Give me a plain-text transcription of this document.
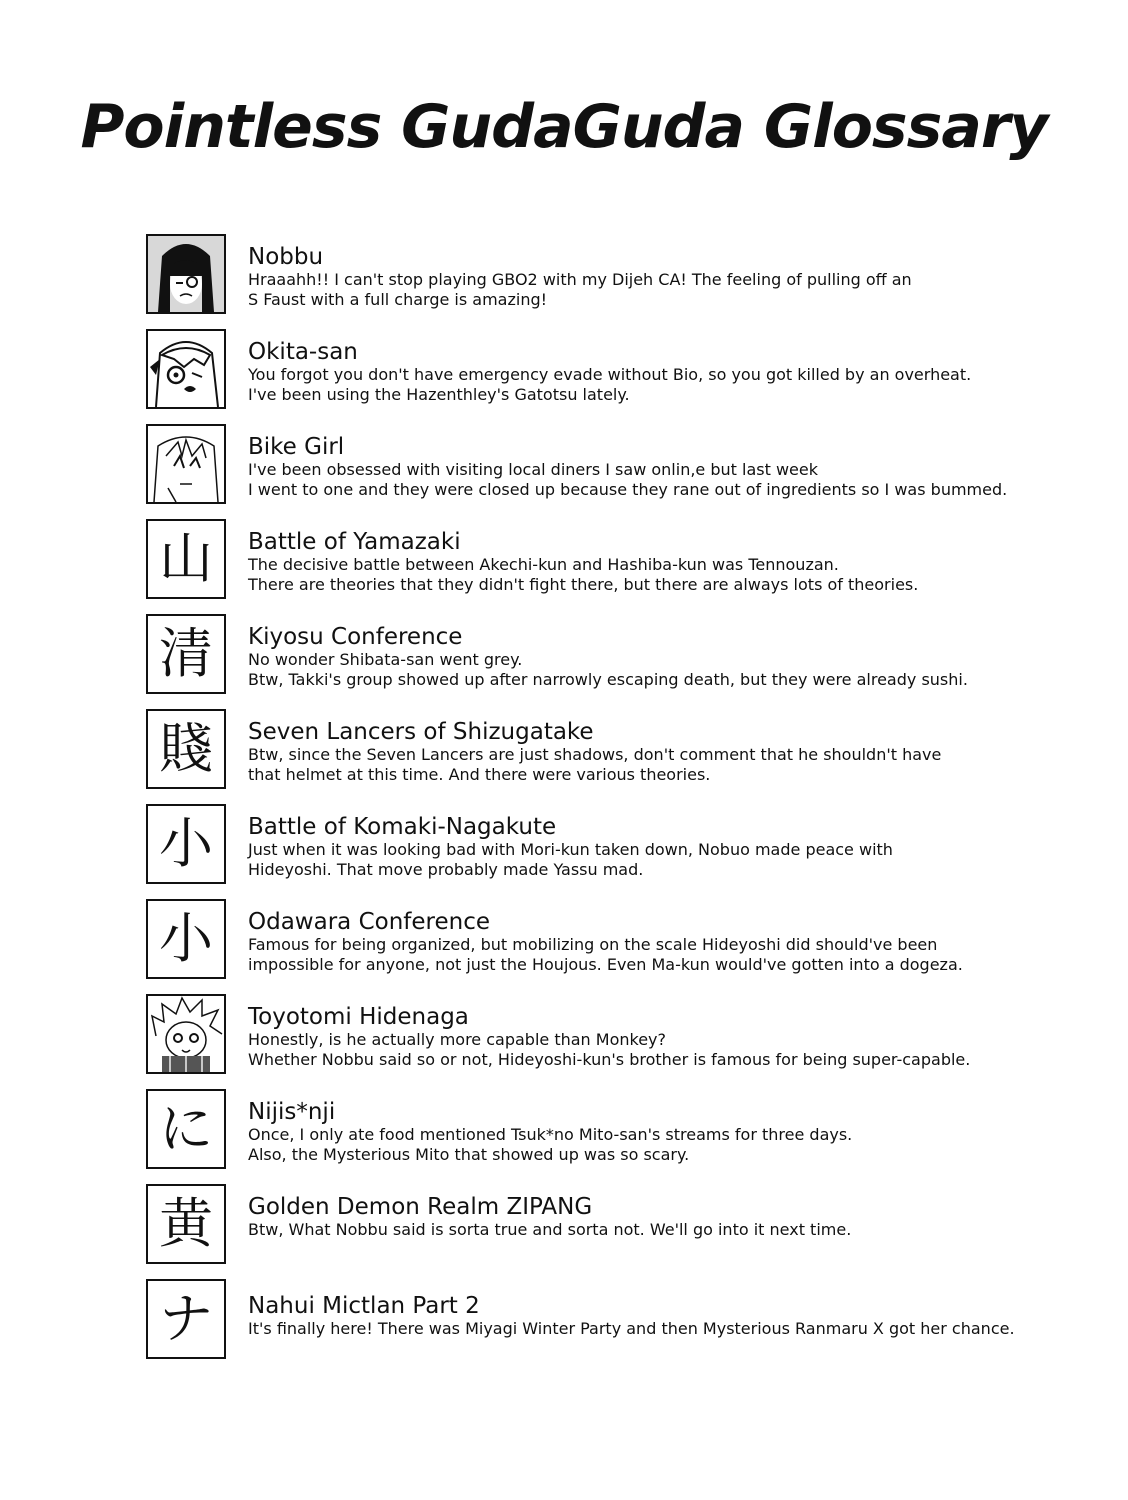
Pointless GudaGuda Glossary
Nobbu
Hraaahh!! I can't stop playing GBO2 with my Dijeh CA! The feeling of pulling off an
S Faust with a full charge is amazing!
Okita-san
You forgot you don't have emergency evade without Bio, so you got killed by an overheat.
I've been using the Hazenthley's Gatotsu lately.
Bike Girl
I've been obsessed with visiting local diners I saw onlin,e but last week
I went to one and they were closed up because they rane out of ingredients so I was bummed.
山 Battle of Yamazaki
The decisive battle between Akechi-kun and Hashiba-kun was Tennouzan.
There are theories that they didn't fight there, but there are always lots of theories.
清 Kiyosu Conference
No wonder Shibata-san went grey.
Btw, Takki's group showed up after narrowly escaping death, but they were already sushi.
賤 Seven Lancers of Shizugatake
Btw, since the Seven Lancers are just shadows, don't comment that he shouldn't have
that helmet at this time. And there were various theories.
小 Battle of Komaki-Nagakute
Just when it was looking bad with Mori-kun taken down, Nobuo made peace with
Hideyoshi. That move probably made Yassu mad.
小 Odawara Conference
Famous for being organized, but mobilizing on the scale Hideyoshi did should've been
impossible for anyone, not just the Houjous. Even Ma-kun would've gotten into a dogeza.
Toyotomi Hidenaga
Honestly, is he actually more capable than Monkey?
Whether Nobbu said so or not, Hideyoshi-kun's brother is famous for being super-capable.
に Nijis*nji
Once, I only ate food mentioned Tsuk*no Mito-san's streams for three days.
Also, the Mysterious Mito that showed up was so scary.
黄 Golden Demon Realm ZIPANG
Btw, What Nobbu said is sorta true and sorta not. We'll go into it next time.
ナ Nahui Mictlan Part 2
It's finally here! There was Miyagi Winter Party and then Mysterious Ranmaru X got her chance.
